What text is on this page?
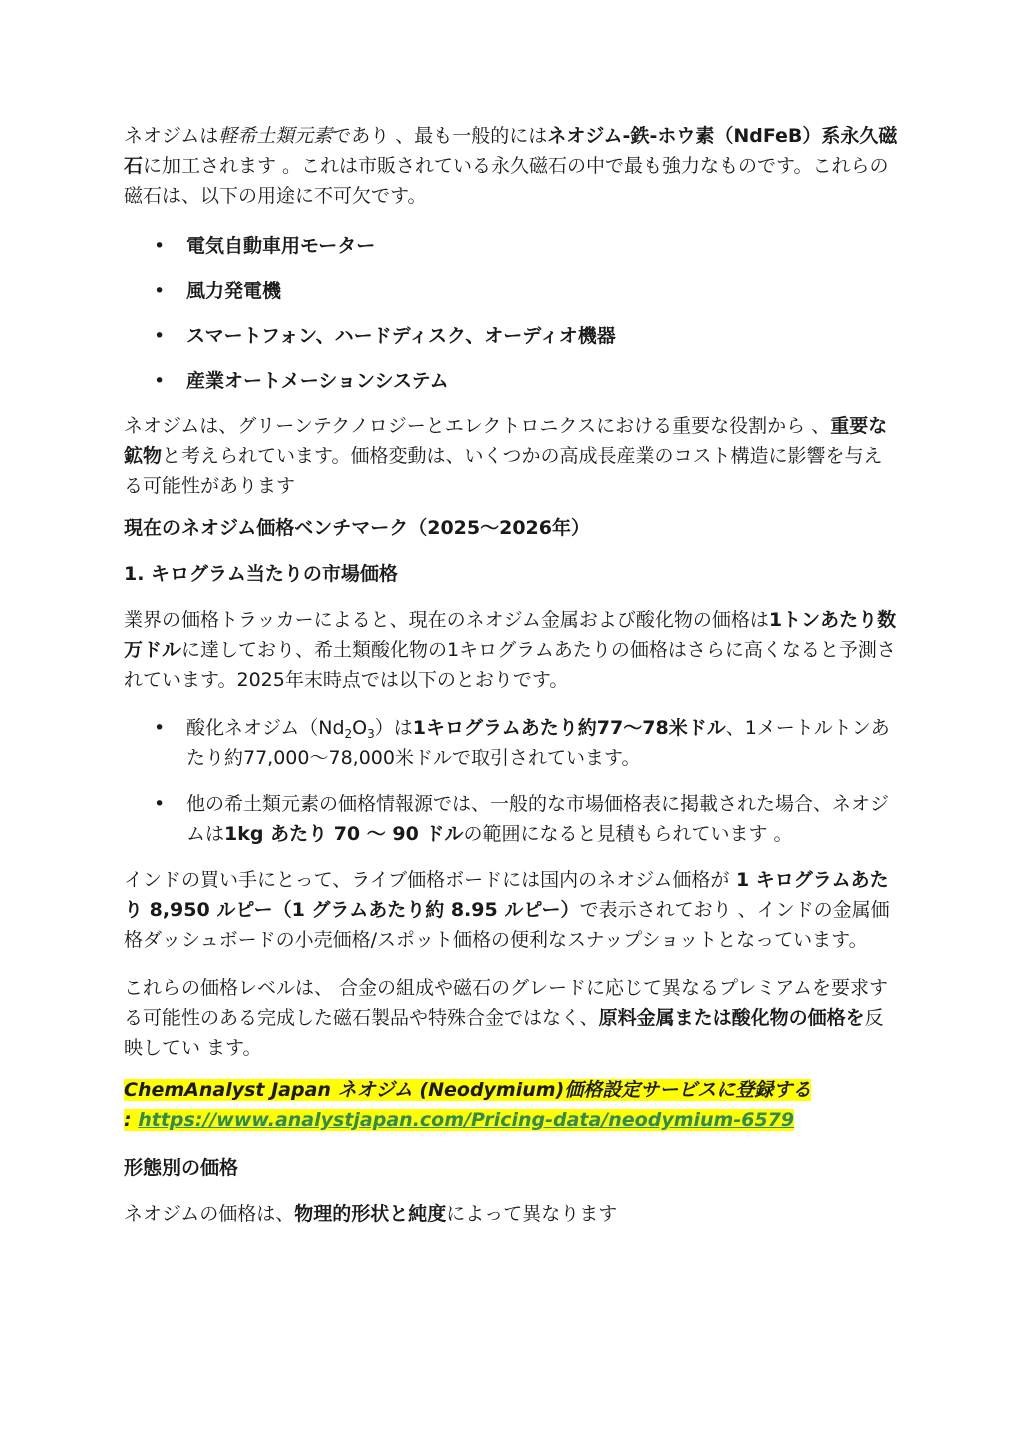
ネオジムは軽希土類元素であり 、最も一般的にはネオジム-鉄-ホウ素（NdFeB）系永久磁石に加工されます 。これは市販されている永久磁石の中で最も強力なものです。これらの磁石は、以下の用途に不可欠です。

• 電気自動車用モーター
• 風力発電機
• スマートフォン、ハードディスク、オーディオ機器
• 産業オートメーションシステム

ネオジムは、グリーンテクノロジーとエレクトロニクスにおける重要な役割から 、重要な鉱物と考えられています。価格変動は、いくつかの高成長産業のコスト構造に影響を与える可能性があります

現在のネオジム価格ベンチマーク（2025〜2026年）

1. キログラム当たりの市場価格

業界の価格トラッカーによると、現在のネオジム金属および酸化物の価格は1トンあたり数万ドルに達しており、希土類酸化物の1キログラムあたりの価格はさらに高くなると予測されています。2025年末時点では以下のとおりです。

• 酸化ネオジム$(Nd_2O_3)$は1キログラムあたり約77〜78米ドル、1メートルトンあたり約77,000〜78,000米ドルで取引されています。
• 他の希土類元素の価格情報源では、一般的な市場価格表に掲載された場合、ネオジムは1kg あたり 70 〜 90 ドルの範囲になると見積もられています 。

インドの買い手にとって、ライブ価格ボードには国内のネオジム価格が 1 キログラムあたり 8,950 ルピー（1 グラムあたり約 8.95 ルピー）で表示されており 、インドの金属価格ダッシュボードの小売価格/スポット価格の便利なスナップショットとなっています。

これらの価格レベルは、 合金の組成や磁石のグレードに応じて異なるプレミアムを要求する可能性のある完成した磁石製品や特殊合金ではなく、原料金属または酸化物の価格を反映してい ます。

ChemAnalyst Japan ネオジム (Neodymium)価格設定サービスに登録する
: https://www.analystjapan.com/Pricing-data/neodymium-6579

形態別の価格

ネオジムの価格は、物理的形状と純度によって異なります
